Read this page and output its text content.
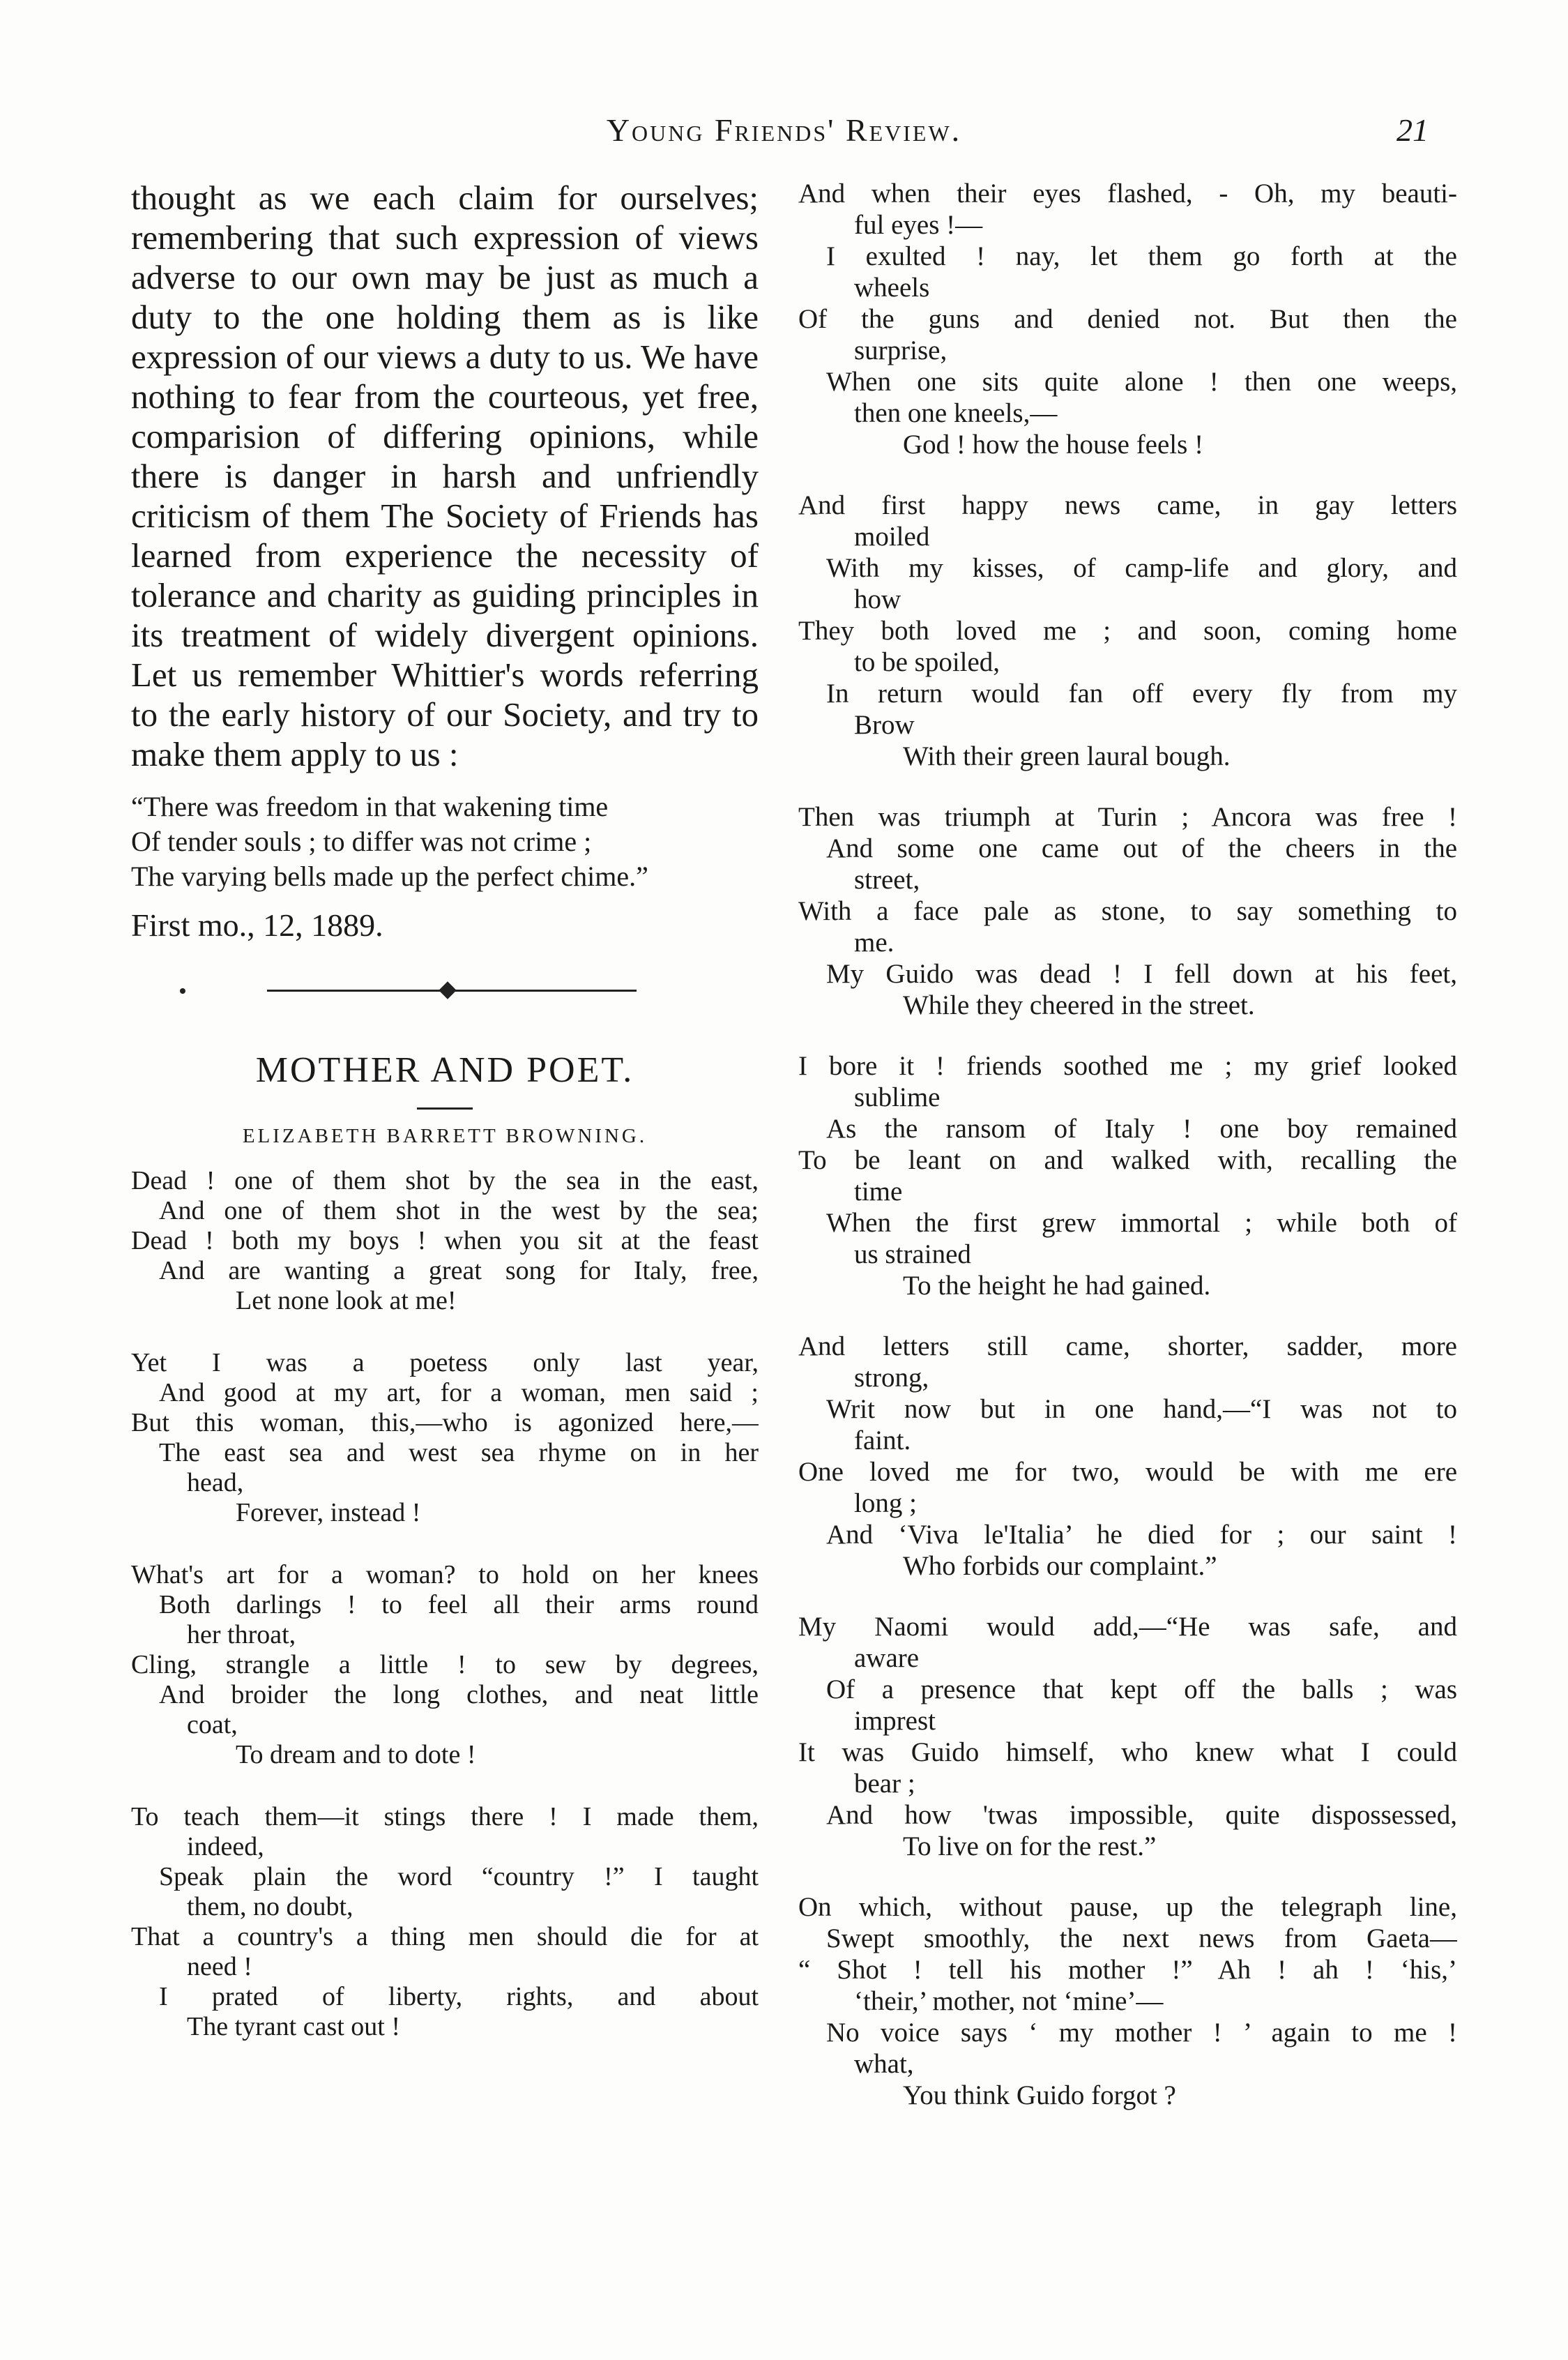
Young Friends' Review.	21

thought as we each claim for ourselves; remembering that such expression of views adverse to our own may be just as much a duty to the one holding them as is like expression of our views a duty to us. We have nothing to fear from the courteous, yet free, comparision of differing opinions, while there is danger in harsh and unfriendly criticism of them The Society of Friends has learned from experience the necessity of tolerance and charity as guiding principles in its treatment of widely divergent opinions. Let us remember Whittier's words referring to the early history of our Society, and try to make them apply to us :

“There was freedom in that wakening time
Of tender souls ; to differ was not crime ;
The varying bells made up the perfect chime.”
First mo., 12, 1889.
MOTHER AND POET.
ELIZABETH BARRETT BROWNING.
Dead ! one of them shot by the sea in the east,
And one of them shot in the west by the sea;
Dead ! both my boys ! when you sit at the feast
And are wanting a great song for Italy, free,
Let none look at me!
Yet I was a poetess only last year,
And good at my art, for a woman, men said ;
But this woman, this,—who is agonized here,—
The east sea and west sea rhyme on in her
head,
Forever, instead !
What's art for a woman? to hold on her knees
Both darlings ! to feel all their arms round
her throat,
Cling, strangle a little ! to sew by degrees,
And broider the long clothes, and neat little
coat,
To dream and to dote !
To teach them—it stings there ! I made them,
indeed,
Speak plain the word “country !” I taught
them, no doubt,
That a country's a thing men should die for at
need !
I prated of liberty, rights, and about
The tyrant cast out !
And when their eyes flashed, - Oh, my beauti-
ful eyes !—
I exulted ! nay, let them go forth at the
wheels
Of the guns and denied not. But then the
surprise,
When one sits quite alone ! then one weeps,
then one kneels,—
God ! how the house feels !
And first happy news came, in gay letters
moiled
With my kisses, of camp-life and glory, and
how
They both loved me ; and soon, coming home
to be spoiled,
In return would fan off every fly from my
Brow
With their green laural bough.
Then was triumph at Turin ; Ancora was free !
And some one came out of the cheers in the
street,
With a face pale as stone, to say something to
me.
My Guido was dead ! I fell down at his feet,
While they cheered in the street.
I bore it ! friends soothed me ; my grief looked
sublime
As the ransom of Italy ! one boy remained
To be leant on and walked with, recalling the
time
When the first grew immortal ; while both of
us strained
To the height he had gained.
And letters still came, shorter, sadder, more
strong,
Writ now but in one hand,—“I was not to
faint.
One loved me for two, would be with me ere
long ;
And ‘Viva le'Italia’ he died for ; our saint !
Who forbids our complaint.”
My Naomi would add,—“He was safe, and
aware
Of a presence that kept off the balls ; was
imprest
It was Guido himself, who knew what I could
bear ;
And how 'twas impossible, quite dispossessed,
To live on for the rest.”
On which, without pause, up the telegraph line,
Swept smoothly, the next news from Gaeta—
“ Shot ! tell his mother !” Ah ! ah ! ‘his,’
‘their,’ mother, not ‘mine’—
No voice says ‘ my mother ! ’ again to me !
what,
You think Guido forgot ?
